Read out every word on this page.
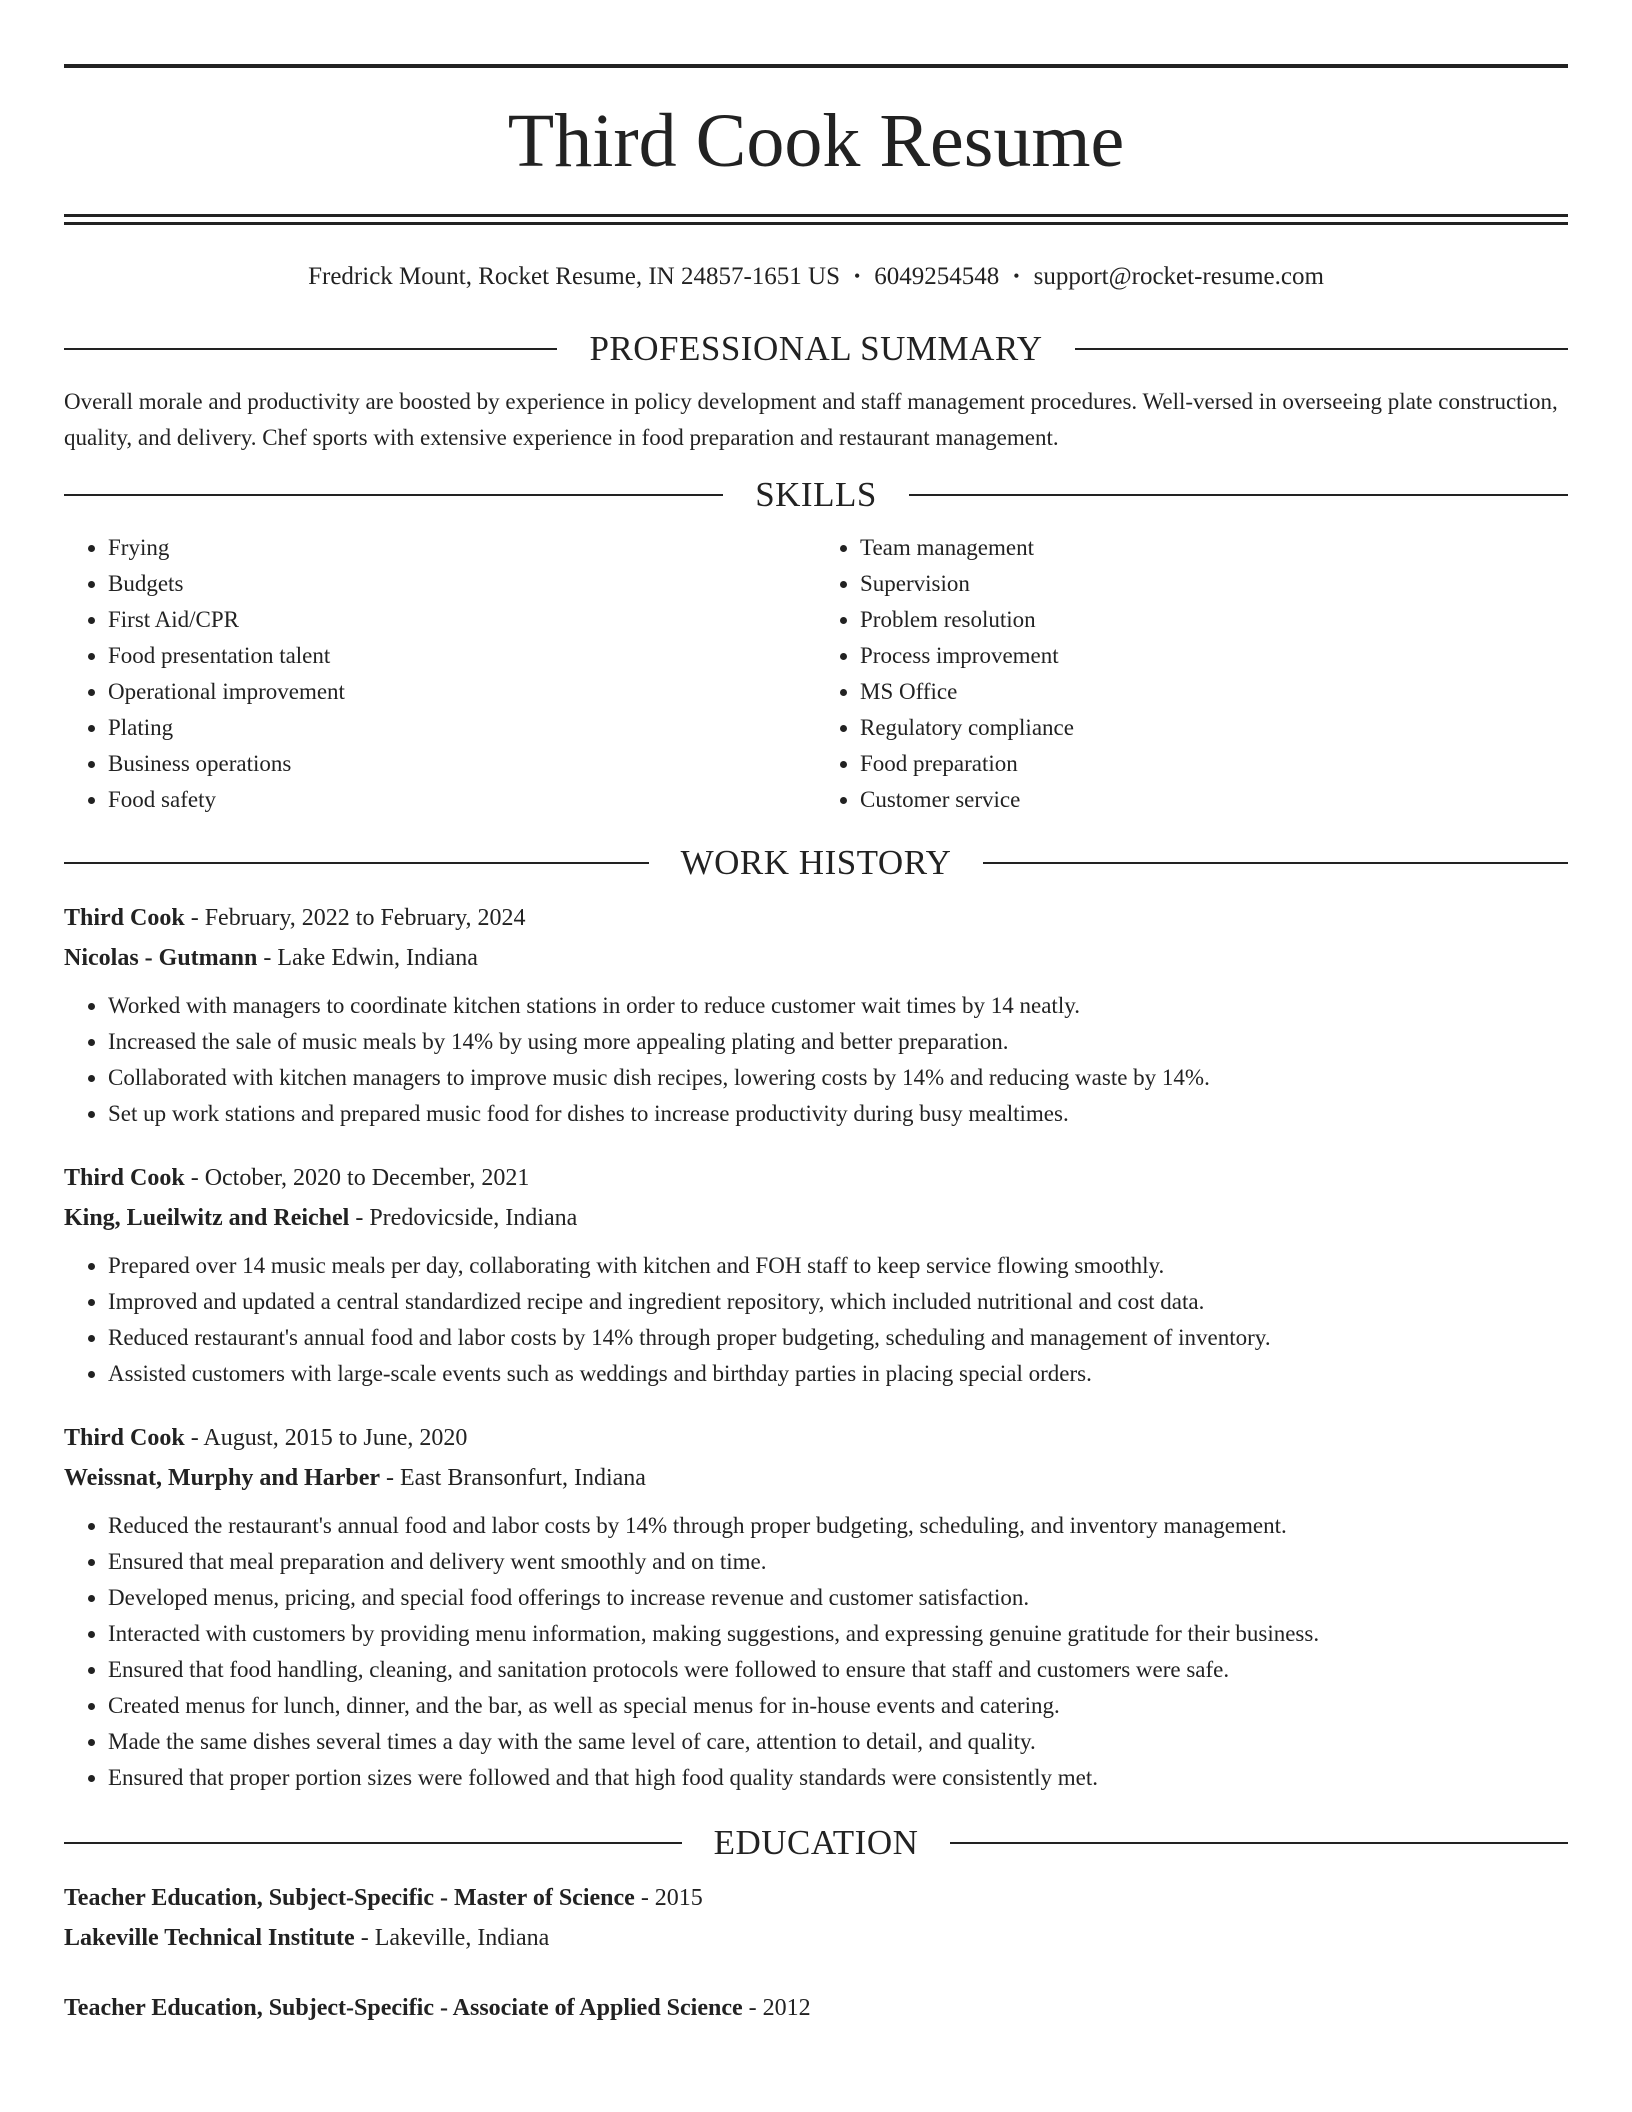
Third Cook Resume
Fredrick Mount, Rocket Resume, IN 24857-1651 US • 6049254548 • support@rocket-resume.com
PROFESSIONAL SUMMARY

Overall morale and productivity are boosted by experience in policy development and staff management procedures. Well-versed in overseeing plate construction, quality, and delivery. Chef sports with extensive experience in food preparation and restaurant management.

SKILLS
• Frying
• Budgets
• First Aid/CPR
• Food presentation talent
• Operational improvement
• Plating
• Business operations
• Food safety
• Team management
• Supervision
• Problem resolution
• Process improvement
• MS Office
• Regulatory compliance
• Food preparation
• Customer service
WORK HISTORY
Third Cook - February, 2022 to February, 2024
Nicolas - Gutmann - Lake Edwin, Indiana
• Worked with managers to coordinate kitchen stations in order to reduce customer wait times by 14 neatly.
• Increased the sale of music meals by 14% by using more appealing plating and better preparation.
• Collaborated with kitchen managers to improve music dish recipes, lowering costs by 14% and reducing waste by 14%.
• Set up work stations and prepared music food for dishes to increase productivity during busy mealtimes.
Third Cook - October, 2020 to December, 2021
King, Lueilwitz and Reichel - Predovicside, Indiana
• Prepared over 14 music meals per day, collaborating with kitchen and FOH staff to keep service flowing smoothly.
• Improved and updated a central standardized recipe and ingredient repository, which included nutritional and cost data.
• Reduced restaurant's annual food and labor costs by 14% through proper budgeting, scheduling and management of inventory.
• Assisted customers with large-scale events such as weddings and birthday parties in placing special orders.
Third Cook - August, 2015 to June, 2020
Weissnat, Murphy and Harber - East Bransonfurt, Indiana
• Reduced the restaurant's annual food and labor costs by 14% through proper budgeting, scheduling, and inventory management.
• Ensured that meal preparation and delivery went smoothly and on time.
• Developed menus, pricing, and special food offerings to increase revenue and customer satisfaction.
• Interacted with customers by providing menu information, making suggestions, and expressing genuine gratitude for their business.
• Ensured that food handling, cleaning, and sanitation protocols were followed to ensure that staff and customers were safe.
• Created menus for lunch, dinner, and the bar, as well as special menus for in-house events and catering.
• Made the same dishes several times a day with the same level of care, attention to detail, and quality.
• Ensured that proper portion sizes were followed and that high food quality standards were consistently met.
EDUCATION
Teacher Education, Subject-Specific - Master of Science - 2015
Lakeville Technical Institute - Lakeville, Indiana
Teacher Education, Subject-Specific - Associate of Applied Science - 2012
